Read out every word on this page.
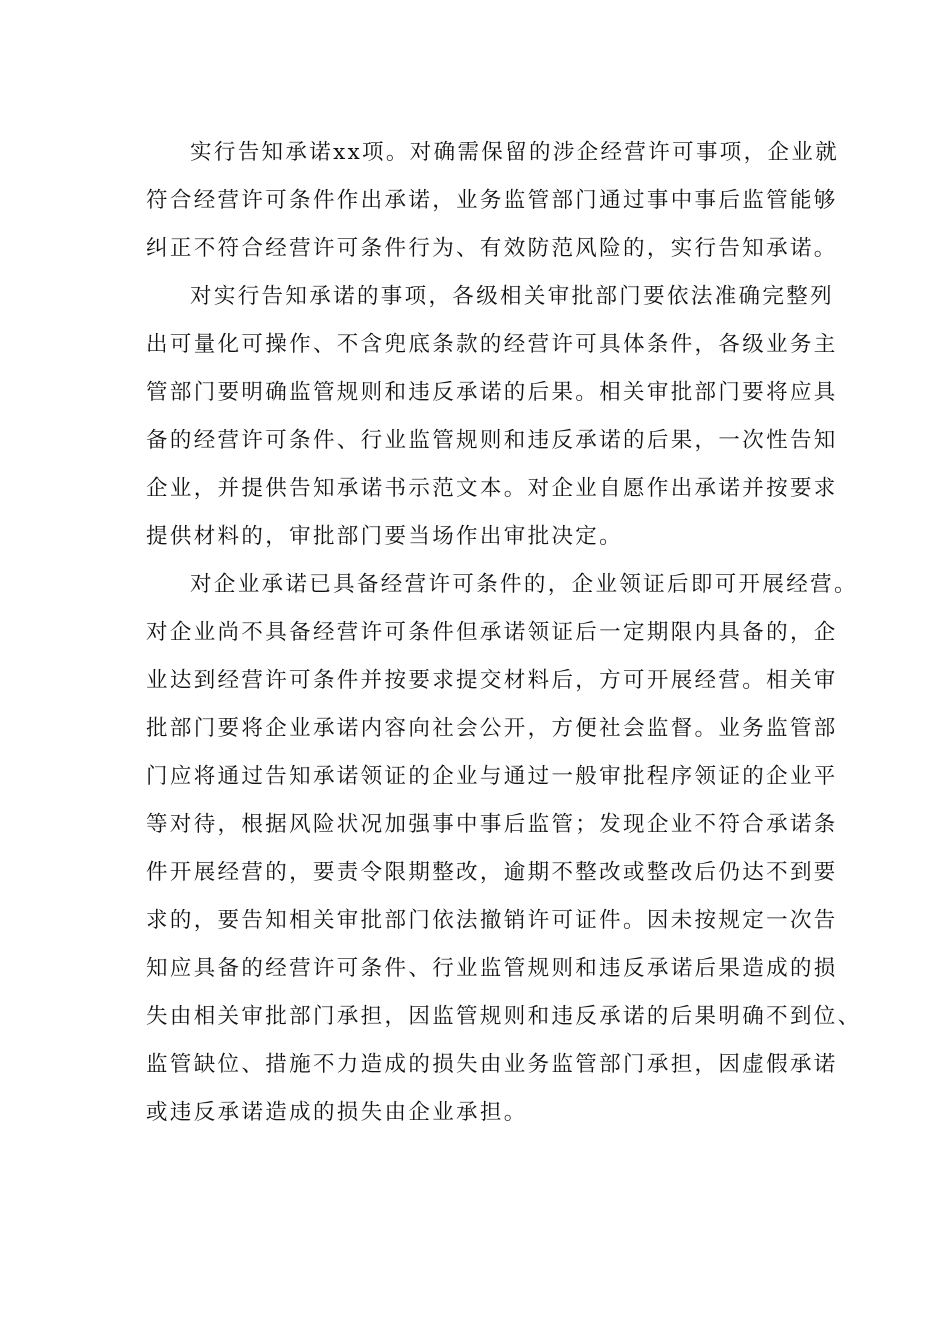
实行告知承诺xx项。对确需保留的涉企经营许可事项，企业就
符合经营许可条件作出承诺，业务监管部门通过事中事后监管能够
纠正不符合经营许可条件行为、有效防范风险的，实行告知承诺。
对实行告知承诺的事项，各级相关审批部门要依法准确完整列
出可量化可操作、不含兜底条款的经营许可具体条件，各级业务主
管部门要明确监管规则和违反承诺的后果。相关审批部门要将应具
备的经营许可条件、行业监管规则和违反承诺的后果，一次性告知
企业，并提供告知承诺书示范文本。对企业自愿作出承诺并按要求
提供材料的，审批部门要当场作出审批决定。
对企业承诺已具备经营许可条件的，企业领证后即可开展经营。
对企业尚不具备经营许可条件但承诺领证后一定期限内具备的，企
业达到经营许可条件并按要求提交材料后，方可开展经营。相关审
批部门要将企业承诺内容向社会公开，方便社会监督。业务监管部
门应将通过告知承诺领证的企业与通过一般审批程序领证的企业平
等对待，根据风险状况加强事中事后监管；发现企业不符合承诺条
件开展经营的，要责令限期整改，逾期不整改或整改后仍达不到要
求的，要告知相关审批部门依法撤销许可证件。因未按规定一次告
知应具备的经营许可条件、行业监管规则和违反承诺后果造成的损
失由相关审批部门承担，因监管规则和违反承诺的后果明确不到位、
监管缺位、措施不力造成的损失由业务监管部门承担，因虚假承诺
或违反承诺造成的损失由企业承担。
